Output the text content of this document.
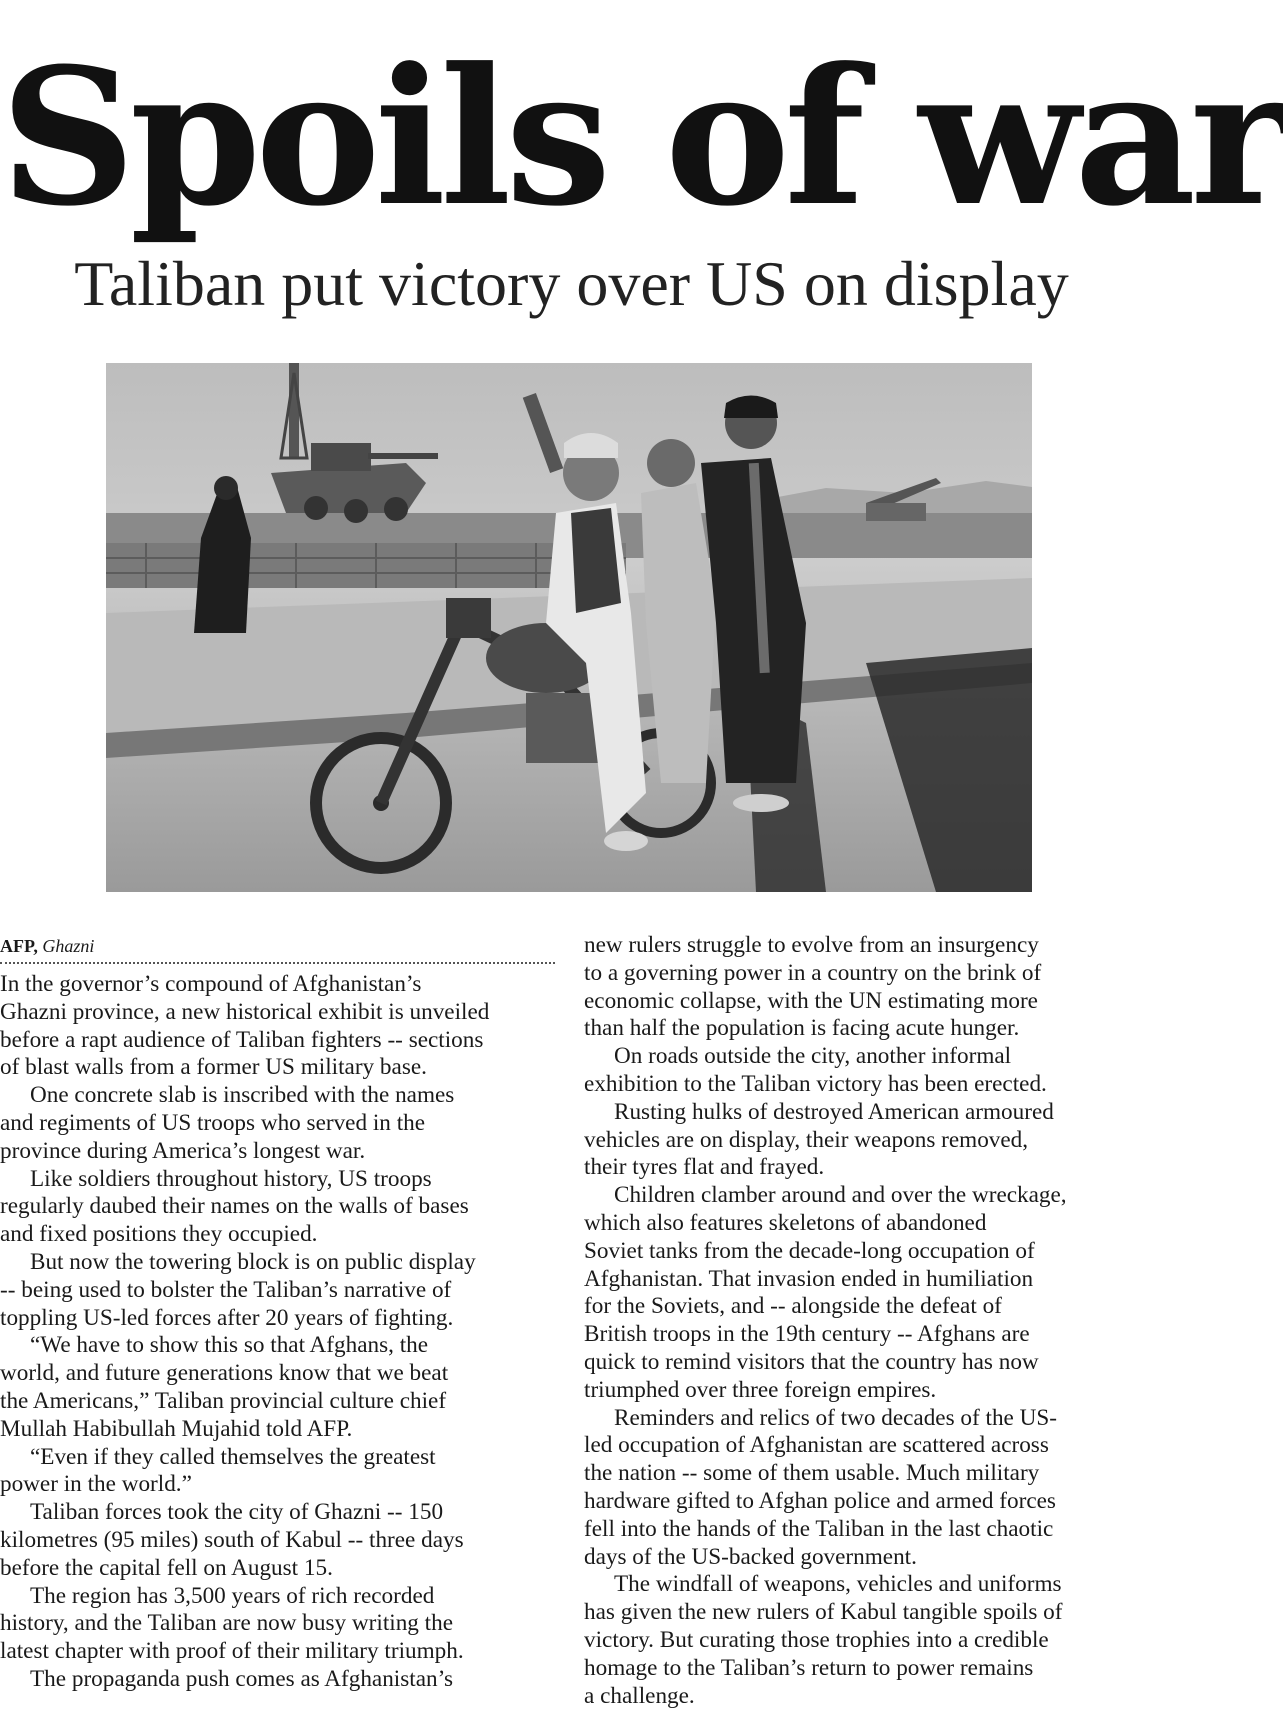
Spoils of war
Taliban put victory over US on display
AFP, Ghazni
In the governor’s compound of Afghanistan’s
Ghazni province, a new historical exhibit is unveiled
before a rapt audience of Taliban fighters -- sections
of blast walls from a former US military base.
One concrete slab is inscribed with the names
and regiments of US troops who served in the
province during America’s longest war.
Like soldiers throughout history, US troops
regularly daubed their names on the walls of bases
and fixed positions they occupied.
But now the towering block is on public display
-- being used to bolster the Taliban’s narrative of
toppling US-led forces after 20 years of fighting.
“We have to show this so that Afghans, the
world, and future generations know that we beat
the Americans,” Taliban provincial culture chief
Mullah Habibullah Mujahid told AFP.
“Even if they called themselves the greatest
power in the world.”
Taliban forces took the city of Ghazni -- 150
kilometres (95 miles) south of Kabul -- three days
before the capital fell on August 15.
The region has 3,500 years of rich recorded
history, and the Taliban are now busy writing the
latest chapter with proof of their military triumph.
The propaganda push comes as Afghanistan’s
new rulers struggle to evolve from an insurgency
to a governing power in a country on the brink of
economic collapse, with the UN estimating more
than half the population is facing acute hunger.
On roads outside the city, another informal
exhibition to the Taliban victory has been erected.
Rusting hulks of destroyed American armoured
vehicles are on display, their weapons removed,
their tyres flat and frayed.
Children clamber around and over the wreckage,
which also features skeletons of abandoned
Soviet tanks from the decade-long occupation of
Afghanistan. That invasion ended in humiliation
for the Soviets, and -- alongside the defeat of
British troops in the 19th century -- Afghans are
quick to remind visitors that the country has now
triumphed over three foreign empires.
Reminders and relics of two decades of the US-
led occupation of Afghanistan are scattered across
the nation -- some of them usable. Much military
hardware gifted to Afghan police and armed forces
fell into the hands of the Taliban in the last chaotic
days of the US-backed government.
The windfall of weapons, vehicles and uniforms
has given the new rulers of Kabul tangible spoils of
victory. But curating those trophies into a credible
homage to the Taliban’s return to power remains
a challenge.
